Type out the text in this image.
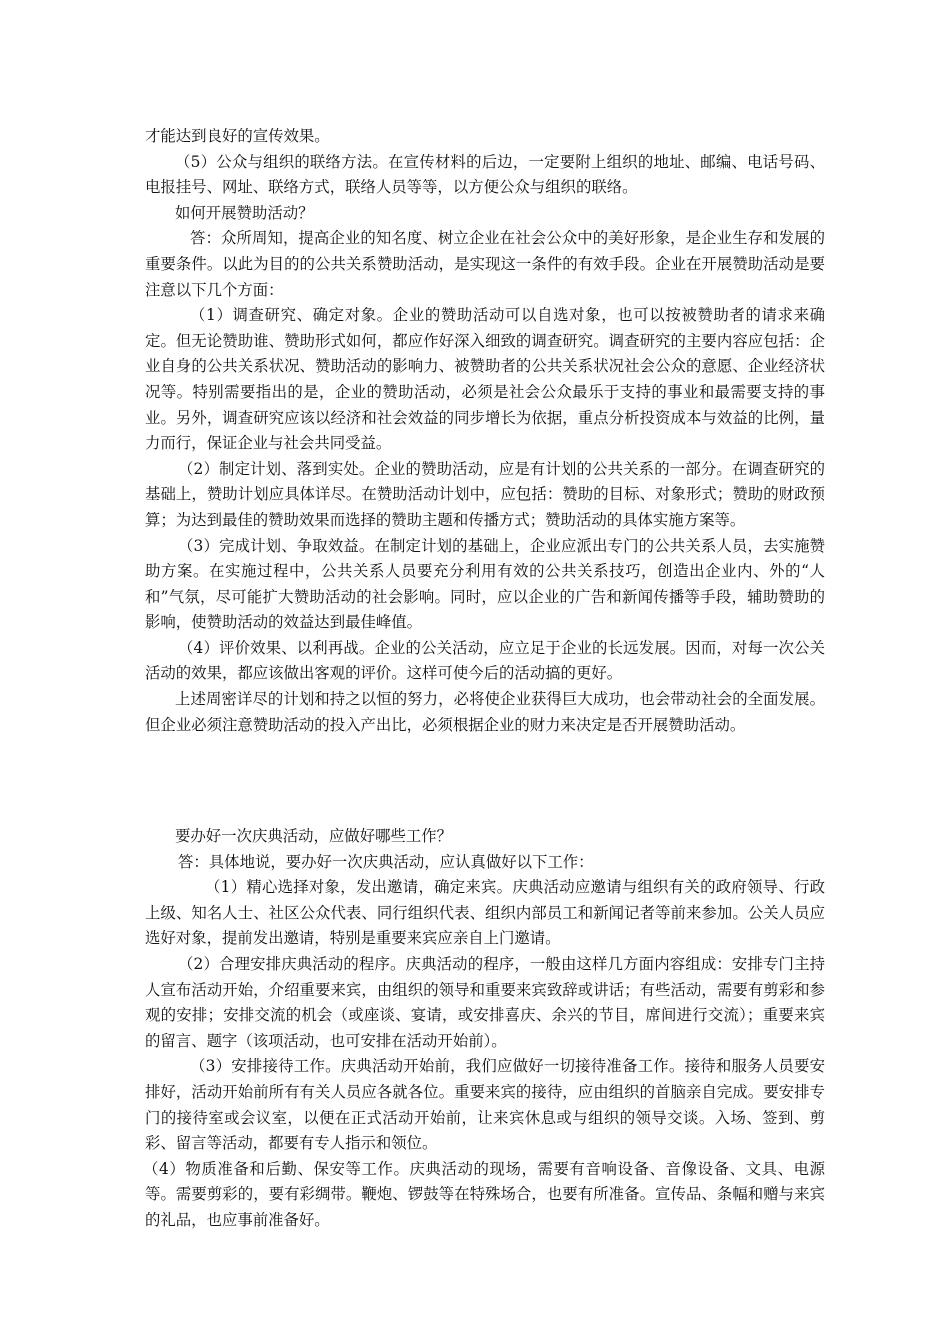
才能达到良好的宣传效果。

（5）公众与组织的联络方法。在宣传材料的后边，一定要附上组织的地址、邮编、电话号码、电报挂号、网址、联络方式，联络人员等等，以方便公众与组织的联络。

如何开展赞助活动？

答：众所周知，提高企业的知名度、树立企业在社会公众中的美好形象，是企业生存和发展的重要条件。以此为目的的公共关系赞助活动，是实现这一条件的有效手段。企业在开展赞助活动是要注意以下几个方面：

（1）调查研究、确定对象。企业的赞助活动可以自选对象，也可以按被赞助者的请求来确定。但无论赞助谁、赞助形式如何，都应作好深入细致的调查研究。调查研究的主要内容应包括：企业自身的公共关系状况、赞助活动的影响力、被赞助者的公共关系状况社会公众的意愿、企业经济状况等。特别需要指出的是，企业的赞助活动，必须是社会公众最乐于支持的事业和最需要支持的事业。另外，调查研究应该以经济和社会效益的同步增长为依据，重点分析投资成本与效益的比例，量力而行，保证企业与社会共同受益。

（2）制定计划、落到实处。企业的赞助活动，应是有计划的公共关系的一部分。在调查研究的基础上，赞助计划应具体详尽。在赞助活动计划中，应包括：赞助的目标、对象形式；赞助的财政预算；为达到最佳的赞助效果而选择的赞助主题和传播方式；赞助活动的具体实施方案等。

（3）完成计划、争取效益。在制定计划的基础上，企业应派出专门的公共关系人员，去实施赞助方案。在实施过程中，公共关系人员要充分利用有效的公共关系技巧，创造出企业内、外的“人和”气氛，尽可能扩大赞助活动的社会影响。同时，应以企业的广告和新闻传播等手段，辅助赞助的影响，使赞助活动的效益达到最佳峰值。

（4）评价效果、以利再战。企业的公关活动，应立足于企业的长远发展。因而，对每一次公关活动的效果，都应该做出客观的评价。这样可使今后的活动搞的更好。

上述周密详尽的计划和持之以恒的努力，必将使企业获得巨大成功，也会带动社会的全面发展。但企业必须注意赞助活动的投入产出比，必须根据企业的财力来决定是否开展赞助活动。

要办好一次庆典活动，应做好哪些工作？

答：具体地说，要办好一次庆典活动，应认真做好以下工作：

（1）精心选择对象，发出邀请，确定来宾。庆典活动应邀请与组织有关的政府领导、行政上级、知名人士、社区公众代表、同行组织代表、组织内部员工和新闻记者等前来参加。公关人员应选好对象，提前发出邀请，特别是重要来宾应亲自上门邀请。

（2）合理安排庆典活动的程序。庆典活动的程序，一般由这样几方面内容组成：安排专门主持人宣布活动开始，介绍重要来宾，由组织的领导和重要来宾致辞或讲话；有些活动，需要有剪彩和参观的安排；安排交流的机会（或座谈、宴请，或安排喜庆、余兴的节目，席间进行交流）；重要来宾的留言、题字（该项活动，也可安排在活动开始前）。

（3）安排接待工作。庆典活动开始前，我们应做好一切接待准备工作。接待和服务人员要安排好，活动开始前所有有关人员应各就各位。重要来宾的接待，应由组织的首脑亲自完成。要安排专门的接待室或会议室，以便在正式活动开始前，让来宾休息或与组织的领导交谈。入场、签到、剪彩、留言等活动，都要有专人指示和领位。

（4）物质准备和后勤、保安等工作。庆典活动的现场，需要有音响设备、音像设备、文具、电源等。需要剪彩的，要有彩绸带。鞭炮、锣鼓等在特殊场合，也要有所准备。宣传品、条幅和赠与来宾的礼品，也应事前准备好。
